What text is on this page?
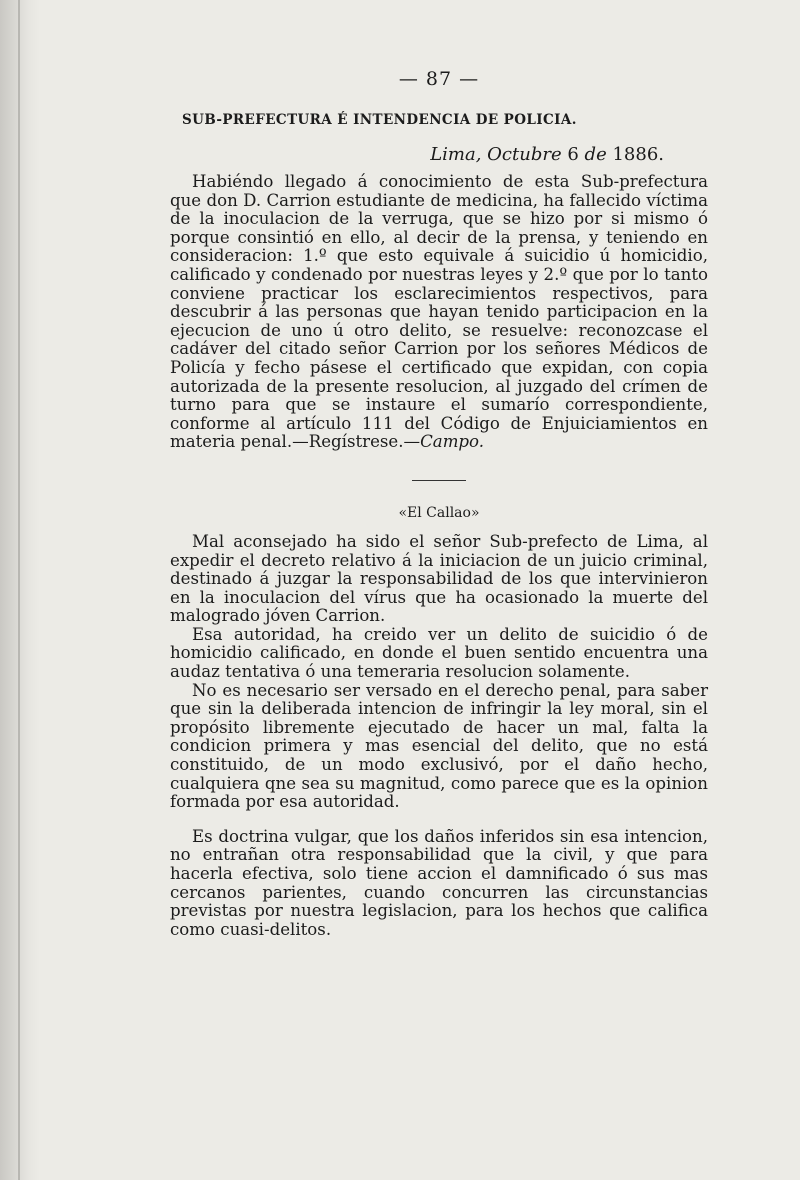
— 87 —
SUB-PREFECTURA É INTENDENCIA DE POLICIA.
Lima, Octubre 6 de 1886.

Habiéndo llegado á conocimiento de esta Sub-prefectura que don D. Carrion estudiante de medicina, ha fallecido víctima de la inoculacion de la verruga, que se hizo por si mismo ó porque consintió en ello, al decir de la prensa, y teniendo en consideracion: 1.º que esto equivale á suicidio ú homicidio, calificado y condenado por nuestras leyes y 2.º que por lo tanto conviene practicar los esclarecimientos respectivos, para descubrir á las personas que hayan tenido participacion en la ejecucion de uno ú otro delito, se resuelve: reconozcase el cadáver del citado señor Carrion por los señores Médicos de Policía y fecho pásese el certificado que expidan, con copia autorizada de la presente resolucion, al juzgado del crímen de turno para que se instaure el sumarío correspondiente, conforme al artículo 111 del Código de Enjuiciamientos en materia penal.—Regístrese.—Campo.

«El Callao»

Mal aconsejado ha sido el señor Sub-prefecto de Lima, al expedir el decreto relativo á la iniciacion de un juicio criminal, destinado á juzgar la responsabilidad de los que intervinieron en la inoculacion del vírus que ha ocasionado la muerte del malogrado jóven Carrion.

Esa autoridad, ha creido ver un delito de suicidio ó de homicidio calificado, en donde el buen sentido encuentra una audaz tentativa ó una temeraria resolucion solamente.

No es necesario ser versado en el derecho penal, para saber que sin la deliberada intencion de infringir la ley moral, sin el propósito libremente ejecutado de hacer un mal, falta la condicion primera y mas esencial del delito, que no está constituido, de un modo exclusivó, por el daño hecho, cualquiera qne sea su magnitud, como parece que es la opinion formada por esa autoridad.

Es doctrina vulgar, que los daños inferidos sin esa intencion, no entrañan otra responsabilidad que la civil, y que para hacerla efectiva, solo tiene accion el damnificado ó sus mas cercanos parientes, cuando concurren las circunstancias previstas por nuestra legislacion, para los hechos que califica como cuasi-delitos.
